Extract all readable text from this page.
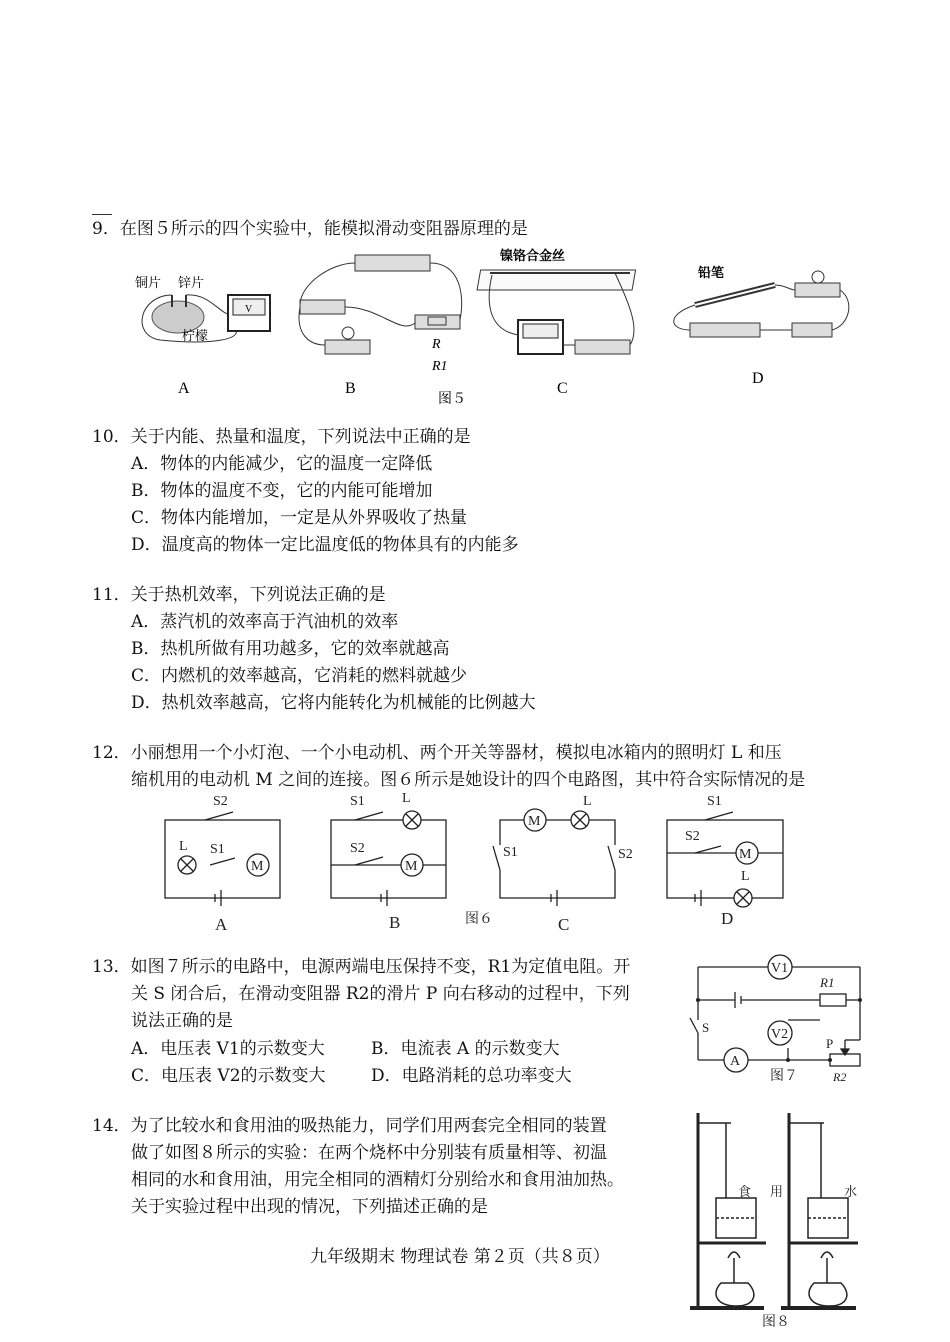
9．在图５所示的四个实验中，能模拟滑动变阻器原理的是
铜片 锌片
V
柠檬
A
R
R1
B
镍铬合金丝
C
铅笔
D
图５
10．关于内能、热量和温度，下列说法中正确的是
A．物体的内能减少，它的温度一定降低
B．物体的温度不变，它的内能可能增加
C．物体内能增加，一定是从外界吸收了热量
D．温度高的物体一定比温度低的物体具有的内能多
11．关于热机效率，下列说法正确的是
A．蒸汽机的效率高于汽油机的效率
B．热机所做有用功越多，它的效率就越高
C．内燃机的效率越高，它消耗的燃料就越少
D．热机效率越高，它将内能转化为机械能的比例越大
12．小丽想用一个小灯泡、一个小电动机、两个开关等器材，模拟电冰箱内的照明灯 L 和压
缩机用的电动机 M 之间的连接。图６所示是她设计的四个电路图，其中符合实际情况的是
S2
L S1
M
A
S1	L
S2
M
B
M
L
S1	S2
图６	C
S1
S2
M
L
D
13．如图７所示的电路中，电源两端电压保持不变，R1为定值电阻。开
关 S 闭合后，在滑动变阻器 R2的滑片 P 向右移动的过程中，下列
说法正确的是
A．电压表 V1的示数变大	B．电流表 A 的示数变大
C．电压表 V2的示数变大	D．电路消耗的总功率变大
V1
R1
S	V2
A
P
R2
图７
14．为了比较水和食用油的吸热能力，同学们用两套完全相同的装置
做了如图８所示的实验：在两个烧杯中分别装有质量相等、初温
相同的水和食用油，用完全相同的酒精灯分别给水和食用油加热。
关于实验过程中出现的情况，下列描述正确的是
食 用	水
图８
九年级期末 物理试卷 第２页（共８页）
